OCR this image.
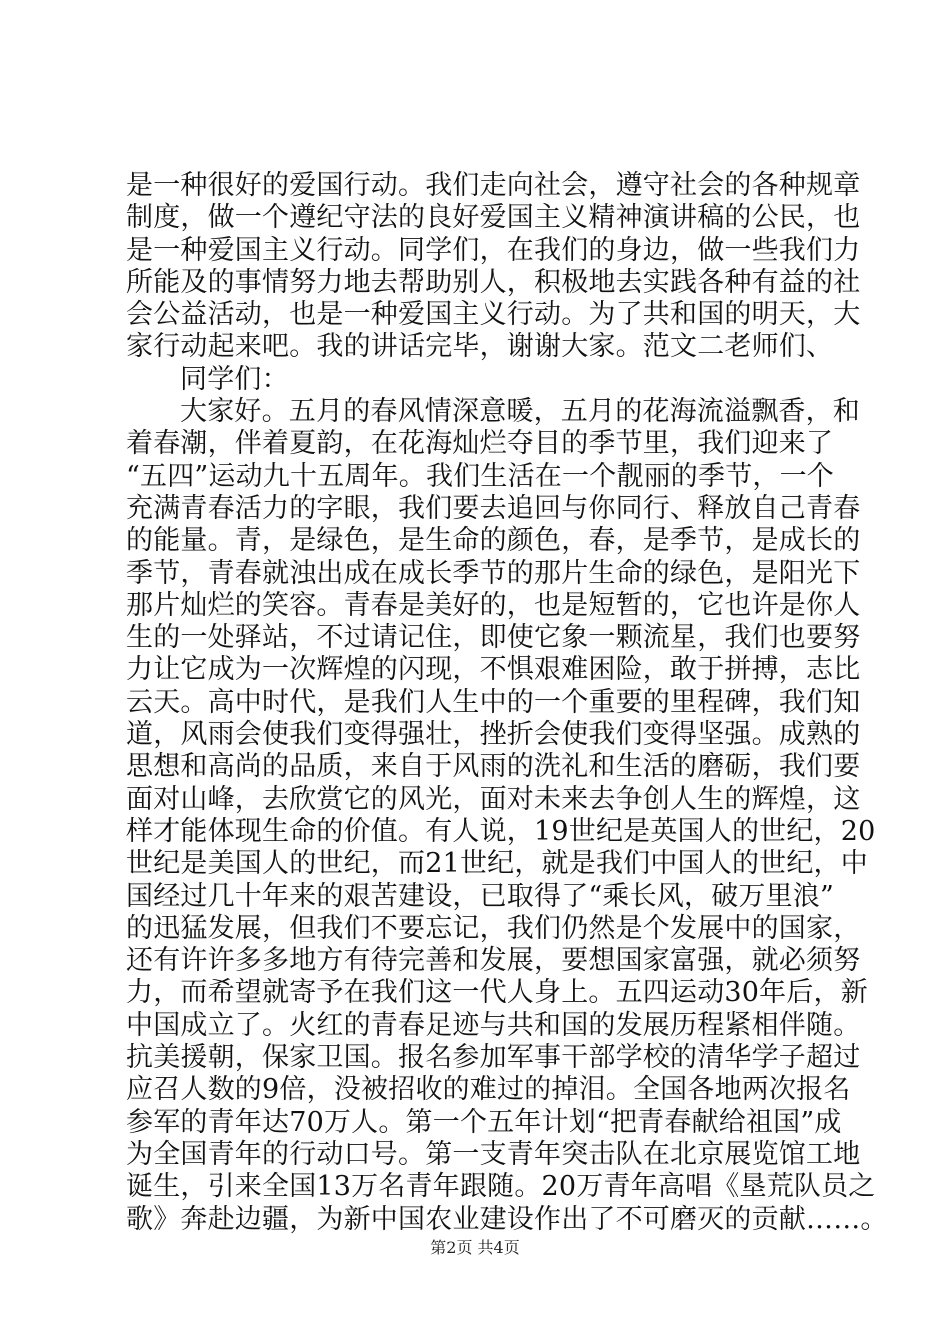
是一种很好的爱国行动。我们走向社会，遵守社会的各种规章
制度，做一个遵纪守法的良好爱国主义精神演讲稿的公民，也
是一种爱国主义行动。同学们，在我们的身边，做一些我们力
所能及的事情努力地去帮助别人，积极地去实践各种有益的社
会公益活动，也是一种爱国主义行动。为了共和国的明天，大
家行动起来吧。我的讲话完毕，谢谢大家。范文二老师们、
同学们：
大家好。五月的春风情深意暖，五月的花海流溢飘香，和
着春潮，伴着夏韵，在花海灿烂夺目的季节里，我们迎来了
“五四”运动九十五周年。我们生活在一个靓丽的季节，一个
充满青春活力的字眼，我们要去追回与你同行、释放自己青春
的能量。青，是绿色，是生命的颜色，春，是季节，是成长的
季节，青春就浊出成在成长季节的那片生命的绿色，是阳光下
那片灿烂的笑容。青春是美好的，也是短暂的，它也许是你人
生的一处驿站，不过请记住，即使它象一颗流星，我们也要努
力让它成为一次辉煌的闪现，不惧艰难困险，敢于拼搏，志比
云天。高中时代，是我们人生中的一个重要的里程碑，我们知
道，风雨会使我们变得强壮，挫折会使我们变得坚强。成熟的
思想和高尚的品质，来自于风雨的洗礼和生活的磨砺，我们要
面对山峰，去欣赏它的风光，面对未来去争创人生的辉煌，这
样才能体现生命的价值。有人说，19世纪是英国人的世纪，20
世纪是美国人的世纪，而21世纪，就是我们中国人的世纪，中
国经过几十年来的艰苦建设，已取得了“乘长风，破万里浪”
的迅猛发展，但我们不要忘记，我们仍然是个发展中的国家，
还有许许多多地方有待完善和发展，要想国家富强，就必须努
力，而希望就寄予在我们这一代人身上。五四运动30年后，新
中国成立了。火红的青春足迹与共和国的发展历程紧相伴随。
抗美援朝，保家卫国。报名参加军事干部学校的清华学子超过
应召人数的9倍，没被招收的难过的掉泪。全国各地两次报名
参军的青年达70万人。第一个五年计划“把青春献给祖国”成
为全国青年的行动口号。第一支青年突击队在北京展览馆工地
诞生，引来全国13万名青年跟随。20万青年高唱《垦荒队员之
歌》奔赴边疆，为新中国农业建设作出了不可磨灭的贡献……。
第2页 共4页
